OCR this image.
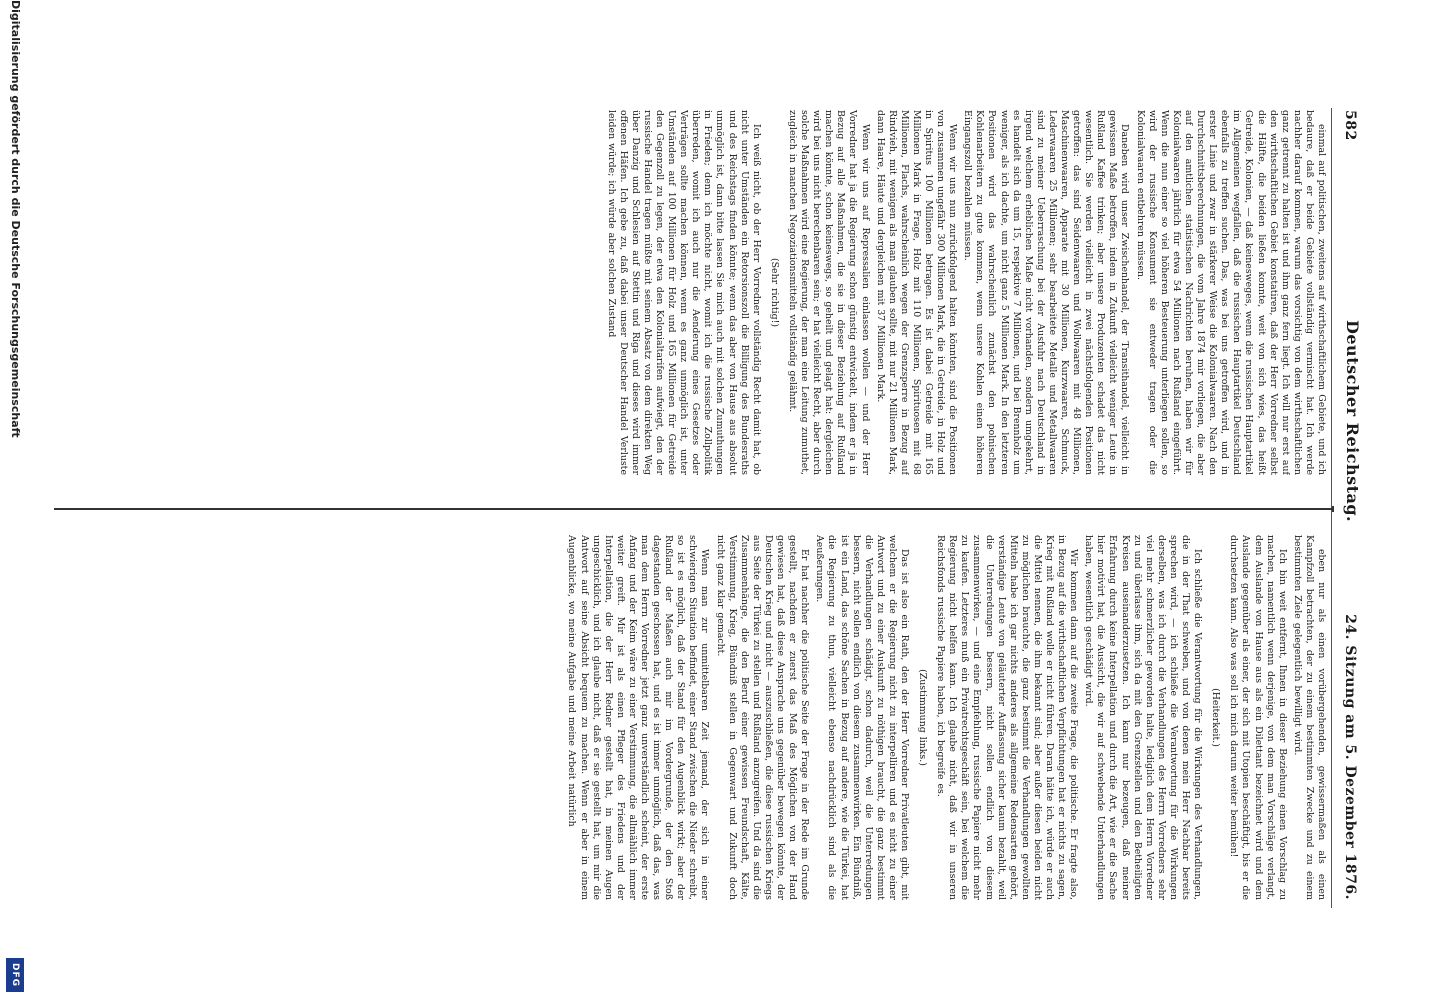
582
Deutscher Reichstag.
24. Sitzung am 5. Dezember 1876.

einmal auf politischen, zweitens auf wirthschaftlichem Gebiete, und ich bedaure, daß er beide Gebiete vollständig vermischt hat. Ich werde nachher darauf kommen, warum das vorsichtig von dem wirthschaftlichen ganz getrennt zu halten ist und ihm ganz fern liegt. Ich will nur erst auf den wirthschaftlichen Gebiet konstatiren, daß der Herr Vorredner selbst die Hälfte, die beiden ließen konnte, weit von sich wies, das heißt Getreide, Kolonien, — daß keinesweges, wenn die russischen Hauptartikel im Allgemeinen wegfallen, daß die russischen Hauptartikel Deutschland ebenfalls zu treffen suchen. Das, was bei uns getroffen wird, und in erster Linie und zwar in stärkerer Weise die Kolonialwaaren. Nach den Durchschnittsberechnungen, die vom Jahre 1874 mir vorliegen, die aber auf den amtlichen statistischen Nachrichten beruhen, haben wir für Kolonialwaaren jährlich für etwa 54 Millionen nach Rußland eingeführt. Wenn die nun einer so viel höheren Besteuerung unterliegen sollen, so wird der russische Konsument sie entweder tragen oder die Kolonialwaaren entbehren müssen.

Daneben wird unser Zwischenhandel, der Transithandel, vielleicht in gewissem Maße betroffen, indem in Zukunft vielleicht weniger Leute in Rußland Kaffee trinken; aber unsere Produzenten schadet das nicht wesentlich. Sie werden vielleicht in zwei nächstfolgenden Positionen getroffen: das sind Seidenwaaren und Wollwaaren mit 48 Millionen, Maschinenwaaren, Apparate mit 30 Millionen, Kurzwaaren, Schmuck, Lederwaaren 25 Millionen; sehr bearbeitete Metalle und Metallwaaren sind zu meiner Ueberraschung bei der Ausfuhr nach Deutschland in irgend welchem erheblichen Maße nicht vorhanden, sondern umgekehrt, es handelt sich da um 15, respektive 7 Millionen, und bei Brennholz um weniger, als ich dachte, um nicht ganz 5 Millionen Mark. In den letzteren Positionen wird das wahrscheinlich zunächst den polnischen Kohlenarbeitern zu gute kommen, wenn unsere Kohlen einen höheren Eingangszoll bezahlen müssen.

Wenn wir uns nun zurückfolgend halten könnten, sind die Positionen von zusammen ungefähr 300 Millionen Mark, die in Getreide, in Holz und in Spiritus 100 Millionen betragen. Es ist dabei Getreide mit 165 Millionen Mark in Frage, Holz mit 110 Millionen, Spirituosen mit 68 Millionen, Flachs, wahrscheinlich wegen der Grenzsperre in Bezug auf Rindvieh, mit wenigen als man glauben sollte, mit nur 21 Millionen Mark, dann Haare, Häute und dergleichen mit 37 Millionen Mark.

Wenn wir uns auf Repressalien einlassen wollen — und der Herr Vorredner hat ja die Regierung schon günstig entwickelt, indem er ja in Bezug auf alle Maßnahmen, die sie in dieser Beziehung auf Rußland machen könnte, schon keineswegs, so geheilt und gelagt hat: dergleichen wird bei uns nicht berechenbaren sein; er hat vielleicht Recht, aber durch solche Maßnahmen wird eine Regierung, der man eine Leitung zumuthet, zugleich in manchen Negoziationsmitteln vollständig gelähmt.

(Sehr richtig!)

Ich weiß nicht, ob der Herr Vorredner vollständig Recht damit hat, ob nicht unter Umständen ein Retorsionszoll die Billigung des Bundesraths und des Reichstags finden könnte; wenn das aber von Hause aus absolut unmöglich ist, dann bitte lassen Sie mich auch mit solchen Zumuthungen in Frieden; denn ich möchte nicht, womit ich die russische Zollpolitik überreden, womit ich auch nur die Aenderung eines Gesetzes oder Verträgen sollte machen können, wenn es ganz unmöglich ist, unter Umständen auf 100 Millionen für Holz und 165 Millionen für Getreide den Gegenzoll zu legen, der etwa den Kolonialtarifen aufwiegt, den der russische Handel tragen müßte mit seinem Absatz von dem direkten Weg über Danzig und Schlesien auf Stettin und Riga und dieses wird immer offenen Häfen. Ich gebe zu, daß dabei unser Deutscher Handel Verluste leiden würde; ich würde aber solchen Zustand

eben nur als einen vorübergehenden, gewissermaßen als einen Kampfzoll betrachten, der zu einem bestimmten Zwecke und zu einem bestimmten Ziele gelegentlich bewilligt wird.

Ich bin weit entfernt, Ihnen in dieser Beziehung einen Vorschlag zu machen, namentlich wenn derjenige, von dem man Vorschläge verlangt, dem Auslande von Hause aus als ein Dilettant bezeichnet wird und dem Auslande gegenüber als einer, der sich mit Utopien beschäftigt, bis er die durchsetzen kann. Also was soll ich mich darum weiter bemühen!

(Heiterkeit.)

Ich schließe die Verantwortung für die Wirkungen des Verhandlungen, die in der That schweben, und von denen mein Herr Nachbar bereits sprechen wird, — ich schließe die Verantwortung für die Wirkungen derselben, was ich durch die Verhandlungen des Herrn Vorredners sehr viel mehr schmerzlicher geworden halte, lediglich dem Herrn Vorredner zu und überlasse ihm, sich da mit den Grenzstellen und den Betheiligten Kreisen auseinanderzusetzen. Ich kann nur bezeugen, daß meiner Erfahrung durch keine Interpellation und durch die Art, wie er die Sache hier motivirt hat, die Aussicht, die wir auf schwebende Unterhandlungen haben, wesentlich geschädigt wird.

Wir kommen dann auf die zweite Frage, die politische. Er fragte also, in Bezug auf die wirthschaftlichen Verpflichtungen hat er nichts zu sagen, Krieg mit Rußland wolle er nicht führen. Daran hätte ich, würde er auch die Mittel nennen, die ihm bekannt sind; aber außer diesen beiden nicht zu möglichen brauchte, die ganz bestimmt die Verhandlungen gewollten Mitteln habe ich gar nichts anderes als allgemeine Redensarten gehört, verständige Leute von geläuterter Auffassung sicher kaum bezahlt, weil die Unterredungen bessern, nicht sollen endlich von diesem zusammenwirken, — und eine Empfehlung, russische Papiere nicht mehr zu kaufen. Letzteres muß ein Privatrechtsgeschäft sein, bei welchem die Regierung nicht helfen kann. Ich glaube nicht, daß wir in unseren Reichsfonds russische Papiere haben, ich begreife es.

(Zustimmung links.)

Das ist also ein Rath, den der Herr Vorredner Privatleuten gibt, mit welchem er die Regierung nicht zu interpelliren und es nicht zu einer Antwort und zu einer Auskunft zu nöthigen braucht, die ganz bestimmt die Verhandlungen schädigt, schon dadurch, weil die Unterredungen bessern, nicht sollen endlich von diesem zusammenwirken. Ein Bündniß, ist ein Land, das schöne Sachen in Bezug auf andere, wie die Türkei, hat die Regierung zu thun, vielleicht ebenso nachdrücklich sind als die Aeußerungen.

Er hat nachher die politische Seite der Frage in der Rede im Grunde gestellt, nachdem er zuerst das Maß des Möglichen von der Hand gewiesen hat, daß diese Ansprache uns gegenüber bewegen könnte, der Deutschen Krieg und nicht — auszuschließen, die diese russischen Kriegs aus Seite der Türkei zu stellen und Rußland anzugreifen. Und da sind die Zusammenhänge, die den Beruf einer gewissen Freundschaft, Kälte, Verstimmung, Krieg, Bündniß stellen in Gegenwart und Zukunft doch nicht ganz klar gemacht.

Wenn man zur unmittelbaren Zeit jemand, der sich in einer schwierigen Situation befindet, einer Stand zwischen die Nieder schreibt, so ist es möglich, daß der Stand für den Augenblick wirkt; aber der Rußland der Maßen auch mir im Vordergrunde, der den Stoß dagestanden geschossen hat, und es ist immer unmöglich, daß das, was man dem Herrn Vorredner jetzt ganz unverständlich scheint, der erste Anfang und der Keim wäre zu einer Verstimmung, die allmählich immer weiter greift. Mir ist als einen Pfleger des Friedens und der Interpellation, die der Herr Redner gestellt hat, in meinen Augen ungeschicklich, und ich glaube nicht, daß er sie gestellt hat, um mir die Antwort auf seine Absicht bequem zu machen. Wenn er aber in einem Augenblicke, wo meine Aufgabe und meine Arbeit natürlich

Digitalisierung gefördert durch die Deutsche Forschungsgemeinschaft
DFG
